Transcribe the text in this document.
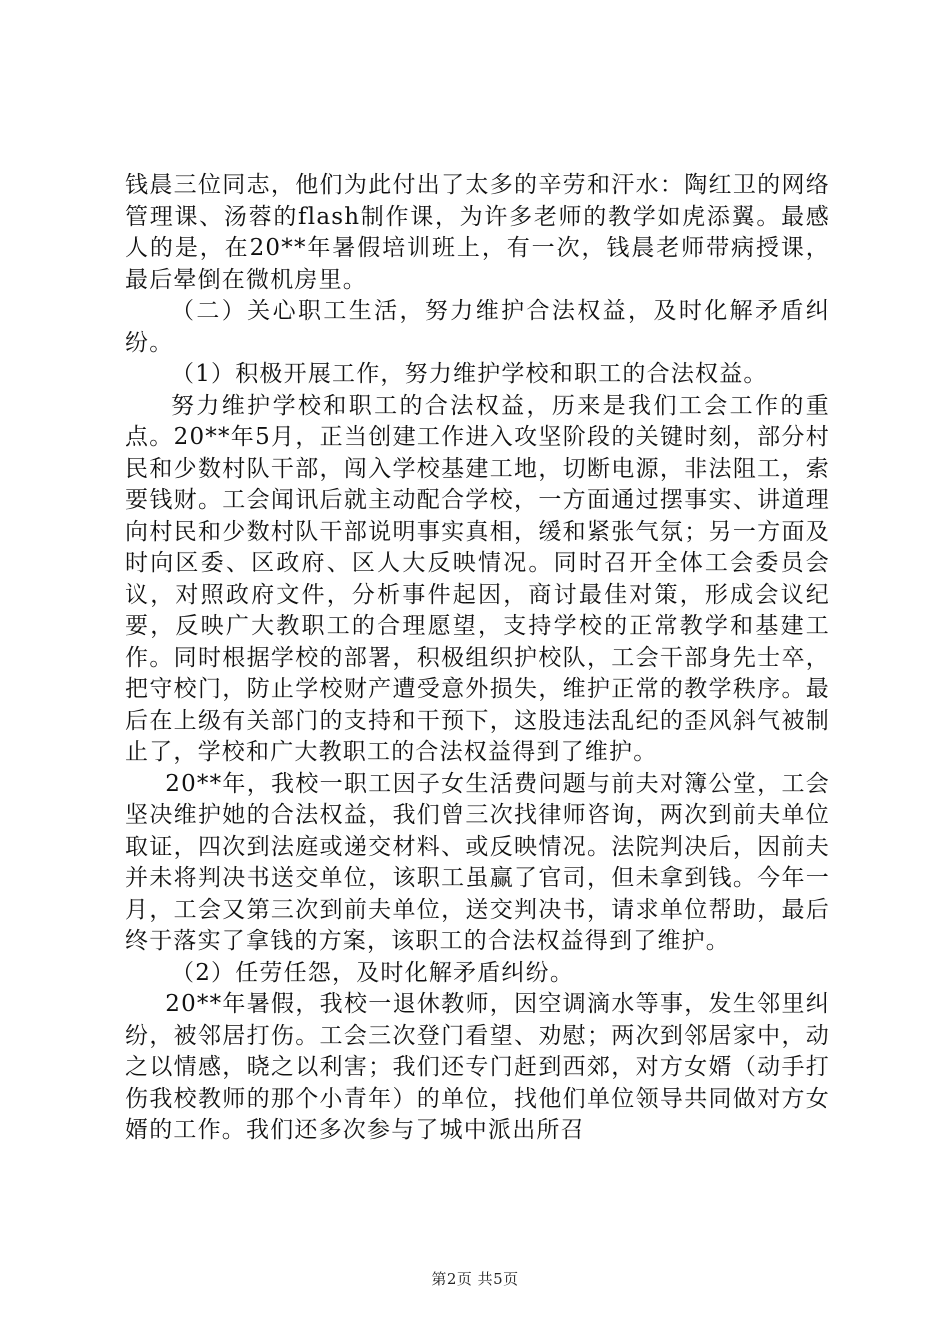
钱晨三位同志，他们为此付出了太多的辛劳和汗水：陶红卫的网络管理课、汤蓉的flash制作课，为许多老师的教学如虎添翼。最感人的是，在20**年暑假培训班上，有一次，钱晨老师带病授课，最后晕倒在微机房里。

（二）关心职工生活，努力维护合法权益，及时化解矛盾纠纷。

（1）积极开展工作，努力维护学校和职工的合法权益。

努力维护学校和职工的合法权益，历来是我们工会工作的重点。20**年5月，正当创建工作进入攻坚阶段的关键时刻，部分村民和少数村队干部，闯入学校基建工地，切断电源，非法阻工，索要钱财。工会闻讯后就主动配合学校，一方面通过摆事实、讲道理向村民和少数村队干部说明事实真相，缓和紧张气氛；另一方面及时向区委、区政府、区人大反映情况。同时召开全体工会委员会议，对照政府文件，分析事件起因，商讨最佳对策，形成会议纪要，反映广大教职工的合理愿望，支持学校的正常教学和基建工作。同时根据学校的部署，积极组织护校队，工会干部身先士卒，把守校门，防止学校财产遭受意外损失，维护正常的教学秩序。最后在上级有关部门的支持和干预下，这股违法乱纪的歪风斜气被制止了，学校和广大教职工的合法权益得到了维护。

20**年，我校一职工因子女生活费问题与前夫对簿公堂，工会坚决维护她的合法权益，我们曾三次找律师咨询，两次到前夫单位取证，四次到法庭或递交材料、或反映情况。法院判决后，因前夫并未将判决书送交单位，该职工虽赢了官司，但未拿到钱。今年一月，工会又第三次到前夫单位，送交判决书，请求单位帮助，最后终于落实了拿钱的方案，该职工的合法权益得到了维护。

（2）任劳任怨，及时化解矛盾纠纷。

20**年暑假，我校一退休教师，因空调滴水等事，发生邻里纠纷，被邻居打伤。工会三次登门看望、劝慰；两次到邻居家中，动之以情感，晓之以利害；我们还专门赶到西郊，对方女婿（动手打伤我校教师的那个小青年）的单位，找他们单位领导共同做对方女婿的工作。我们还多次参与了城中派出所召

第2页 共5页
